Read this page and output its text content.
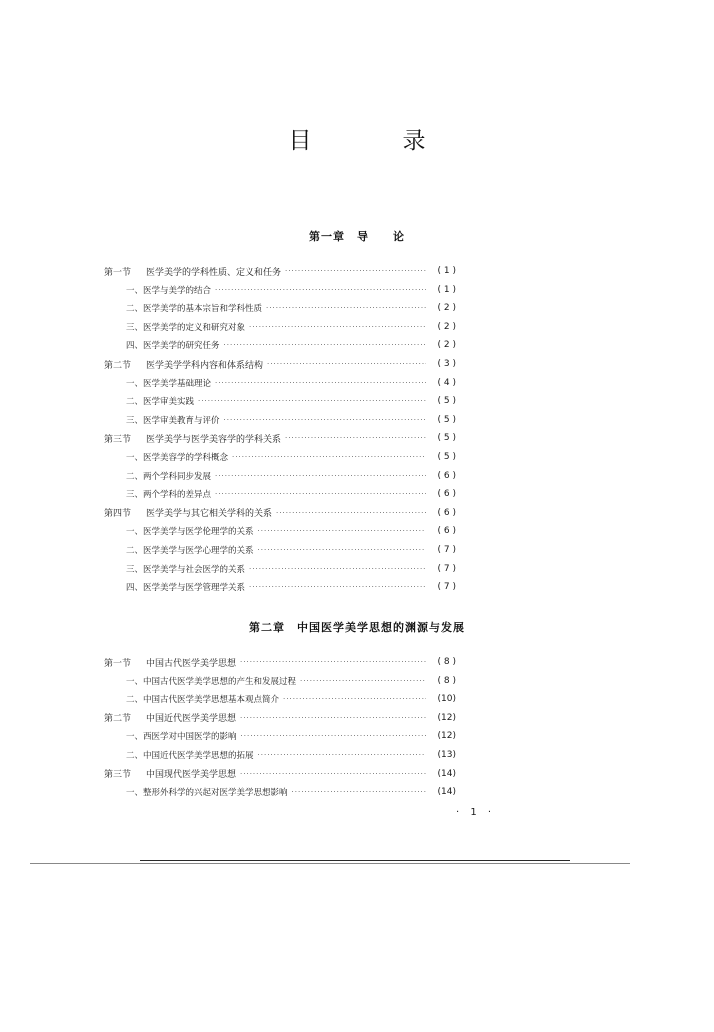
目　录
第一章　导　　论
第一节 医学美学的学科性质、定义和任务 ·····	( 1 )
一、医学与美学的结合 ·····	( 1 )
二、医学美学的基本宗旨和学科性质 ·····	( 2 )
三、医学美学的定义和研究对象 ·····	( 2 )
四、医学美学的研究任务 ·····	( 2 )
第二节 医学美学学科内容和体系结构 ·····	( 3 )
一、医学美学基础理论 ·····	( 4 )
二、医学审美实践 ·····	( 5 )
三、医学审美教育与评价 ·····	( 5 )
第三节 医学美学与医学美容学的学科关系 ·····	( 5 )
一、医学美容学的学科概念 ·····	( 5 )
二、两个学科同步发展 ·····	( 6 )
三、两个学科的差异点 ·····	( 6 )
第四节 医学美学与其它相关学科的关系 ·····	( 6 )
一、医学美学与医学伦理学的关系 ·····	( 6 )
二、医学美学与医学心理学的关系 ·····	( 7 )
三、医学美学与社会医学的关系 ·····	( 7 )
四、医学美学与医学管理学关系 ·····	( 7 )
第二章　中国医学美学思想的渊源与发展
第一节 中国古代医学美学思想 ·····	( 8 )
一、中国古代医学美学思想的产生和发展过程 ·····	( 8 )
二、中国古代医学美学思想基本观点简介 ·····	(10)
第二节 中国近代医学美学思想 ·····	(12)
一、西医学对中国医学的影响 ·····	(12)
二、中国近代医学美学思想的拓展 ·····	(13)
第三节 中国现代医学美学思想 ·····	(14)
一、整形外科学的兴起对医学美学思想影响 ·····	(14)
· 1 ·
